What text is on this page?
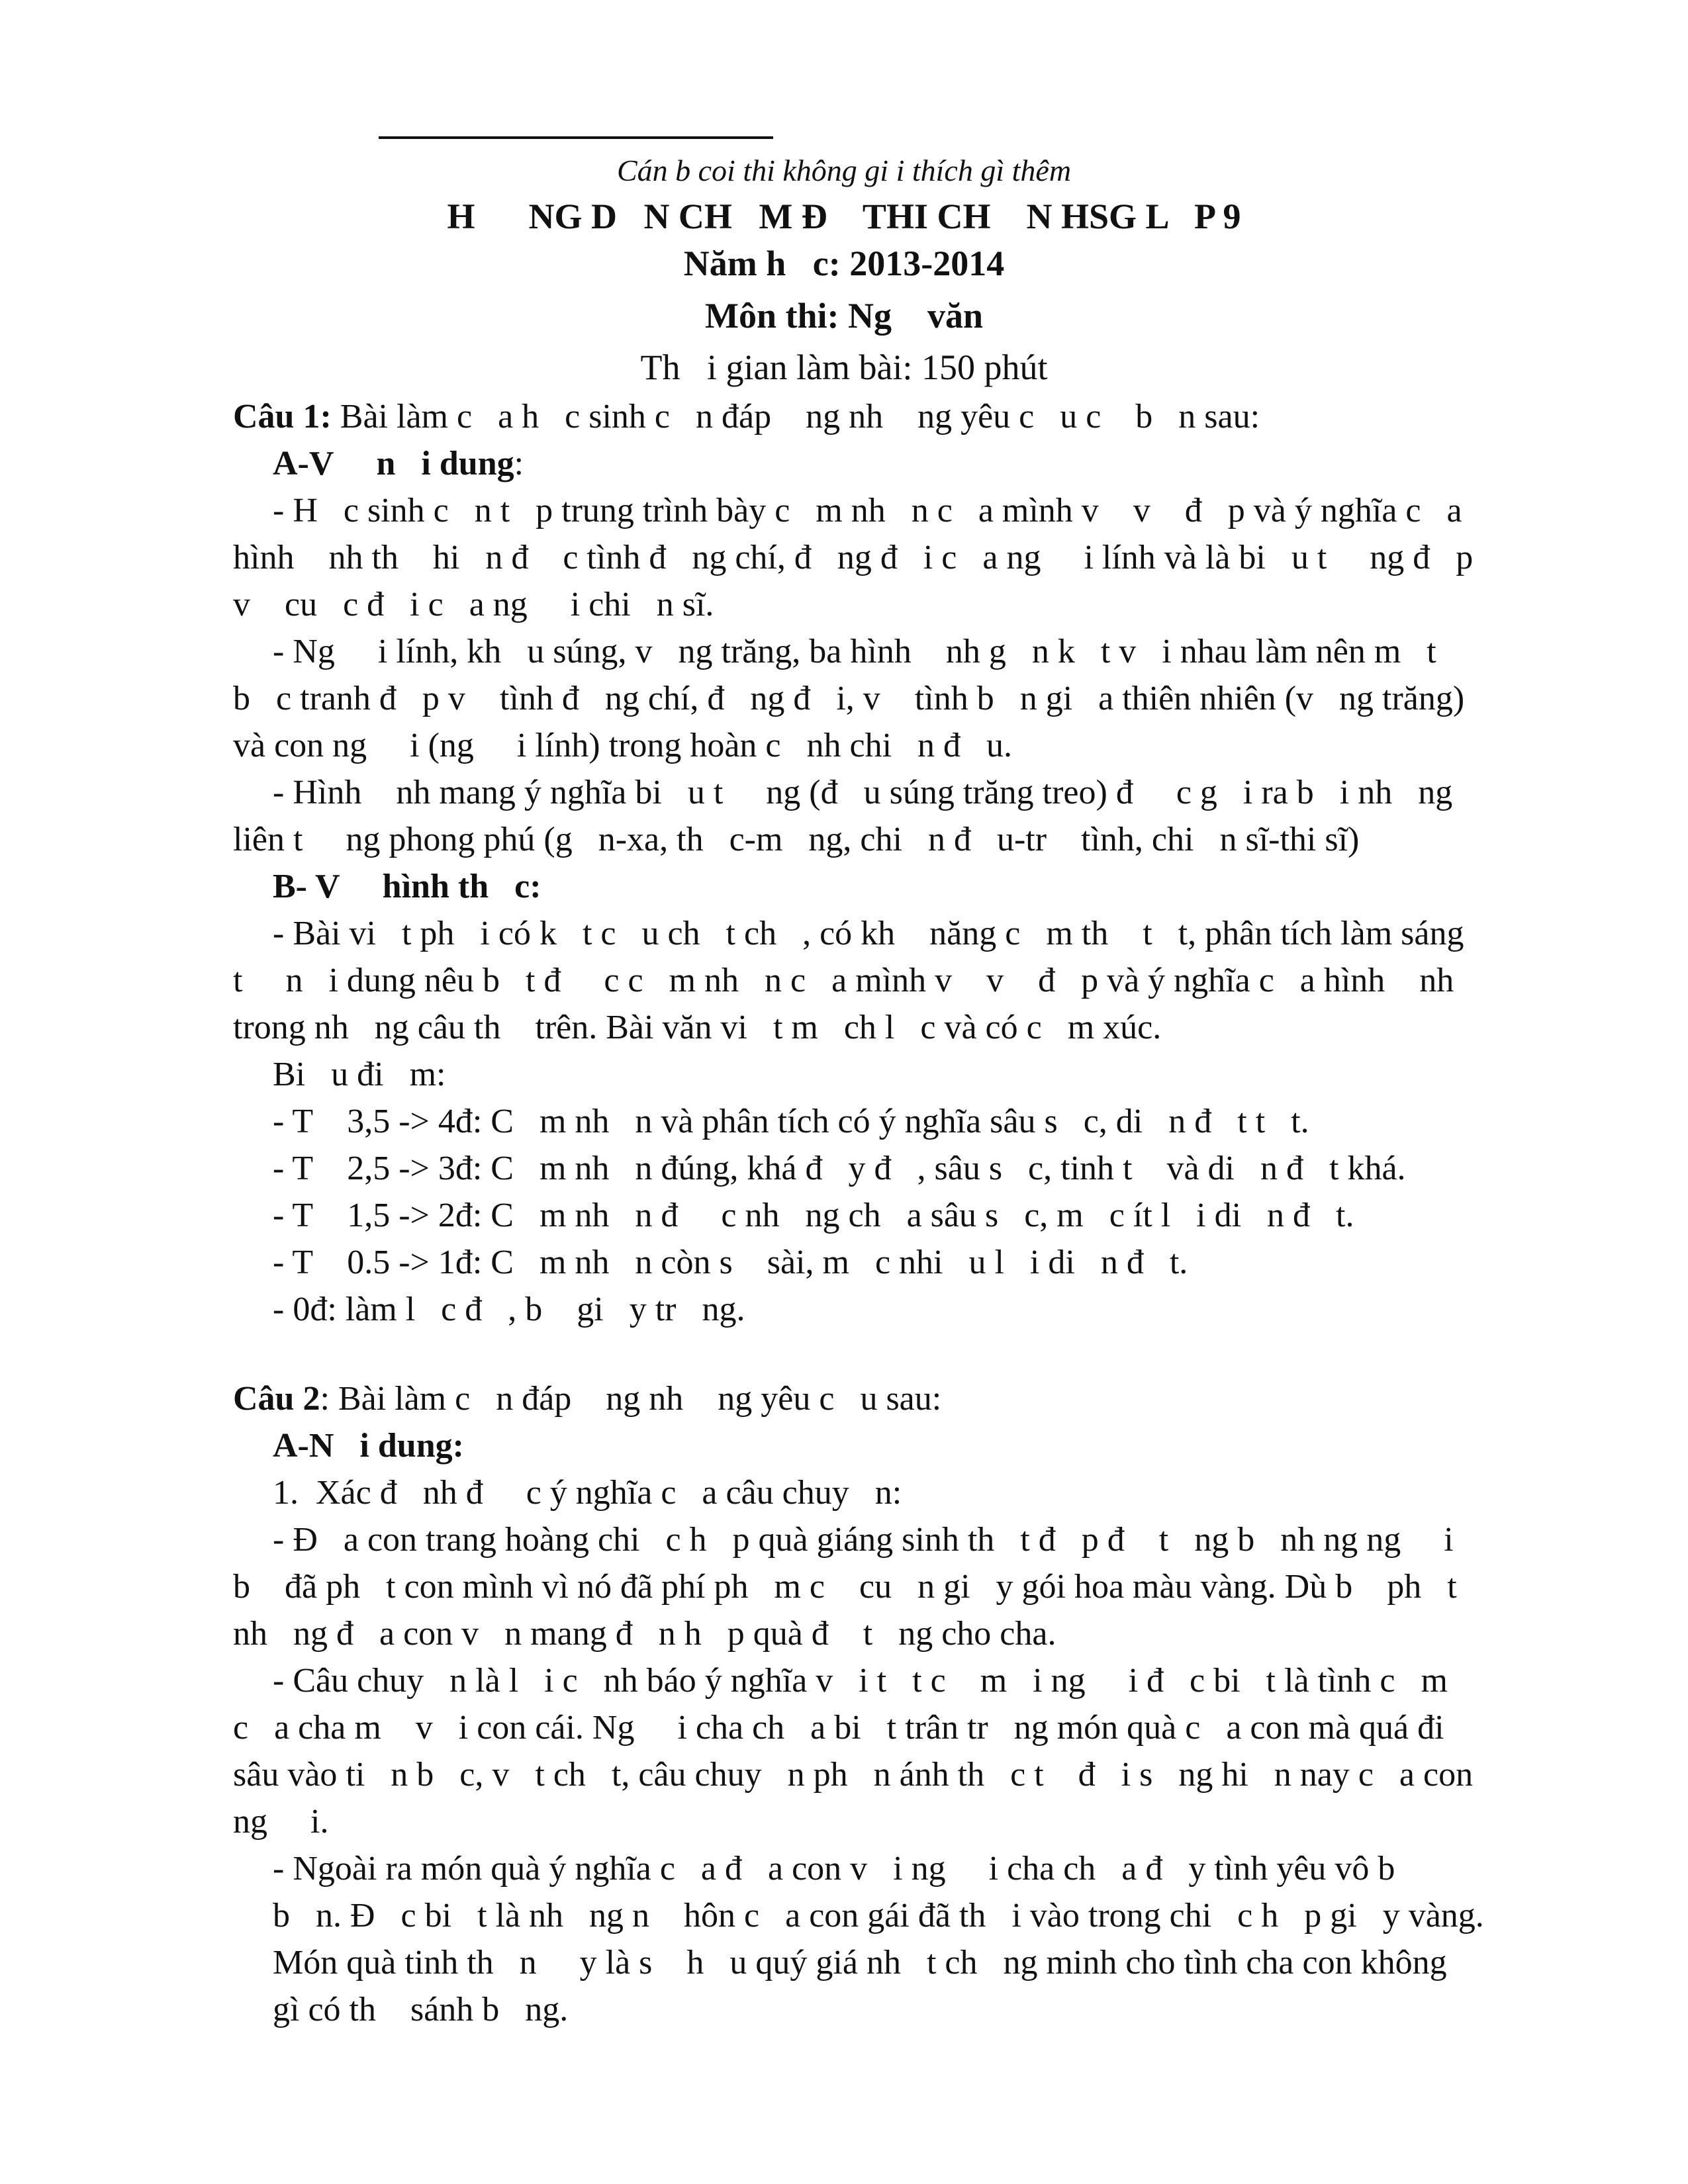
Cán b coi thi không gi i thích gì thêm
H      NG D   N CH   M Đ    THI CH    N HSG L   P 9
Năm h   c: 2013-2014
Môn thi: Ng    văn
Th   i gian làm bài: 150 phút
Câu 1: Bài làm c   a h   c sinh c   n đáp    ng nh    ng yêu c   u c    b   n sau:
A-V     n   i dung:
- H   c sinh c   n t   p trung trình bày c   m nh   n c   a mình v    v    đ   p và ý nghĩa c   a
hình    nh th    hi   n đ    c tình đ   ng chí, đ   ng đ   i c   a ng     i lính và là bi   u t     ng đ   p
v    cu   c đ   i c   a ng     i chi   n sĩ.
- Ng     i lính, kh   u súng, v   ng trăng, ba hình    nh g   n k   t v   i nhau làm nên m   t
b   c tranh đ   p v    tình đ   ng chí, đ   ng đ   i, v    tình b   n gi   a thiên nhiên (v   ng trăng)
và con ng     i (ng     i lính) trong hoàn c   nh chi   n đ   u.
- Hình    nh mang ý nghĩa bi   u t     ng (đ   u súng trăng treo) đ     c g   i ra b   i nh   ng
liên t     ng phong phú (g   n-xa, th   c-m   ng, chi   n đ   u-tr    tình, chi   n sĩ-thi sĩ)
B- V     hình th   c:
- Bài vi   t ph   i có k   t c   u ch   t ch   , có kh    năng c   m th    t   t, phân tích làm sáng
t     n   i dung nêu b   t đ     c c   m nh   n c   a mình v    v    đ   p và ý nghĩa c   a hình    nh
trong nh   ng câu th    trên. Bài văn vi   t m   ch l   c và có c   m xúc.
Bi   u đi   m:
- T    3,5 -> 4đ: C   m nh   n và phân tích có ý nghĩa sâu s   c, di   n đ   t t   t.
- T    2,5 -> 3đ: C   m nh   n đúng, khá đ   y đ   , sâu s   c, tinh t    và di   n đ   t khá.
- T    1,5 -> 2đ: C   m nh   n đ     c nh   ng ch   a sâu s   c, m   c ít l   i di   n đ   t.
- T    0.5 -> 1đ: C   m nh   n còn s    sài, m   c nhi   u l   i di   n đ   t.
- 0đ: làm l   c đ   , b    gi   y tr   ng.
Câu 2: Bài làm c   n đáp    ng nh    ng yêu c   u sau:
A-N   i dung:
1.  Xác đ   nh đ     c ý nghĩa c   a câu chuy   n:
- Đ   a con trang hoàng chi   c h   p quà giáng sinh th   t đ   p đ    t   ng b   nh ng ng     i
b    đã ph   t con mình vì nó đã phí ph   m c    cu   n gi   y gói hoa màu vàng. Dù b    ph   t
nh   ng đ   a con v   n mang đ   n h   p quà đ    t   ng cho cha.
- Câu chuy   n là l   i c   nh báo ý nghĩa v   i t   t c    m   i ng     i đ   c bi   t là tình c   m
c   a cha m    v   i con cái. Ng     i cha ch   a bi   t trân tr   ng món quà c   a con mà quá đi
sâu vào ti   n b   c, v   t ch   t, câu chuy   n ph   n ánh th   c t    đ   i s   ng hi   n nay c   a con
ng     i.
- Ngoài ra món quà ý nghĩa c   a đ   a con v   i ng     i cha ch   a đ   y tình yêu vô b
b   n. Đ   c bi   t là nh   ng n    hôn c   a con gái đã th   i vào trong chi   c h   p gi   y vàng.
Món quà tinh th   n     y là s    h   u quý giá nh   t ch   ng minh cho tình cha con không
gì có th    sánh b   ng.
